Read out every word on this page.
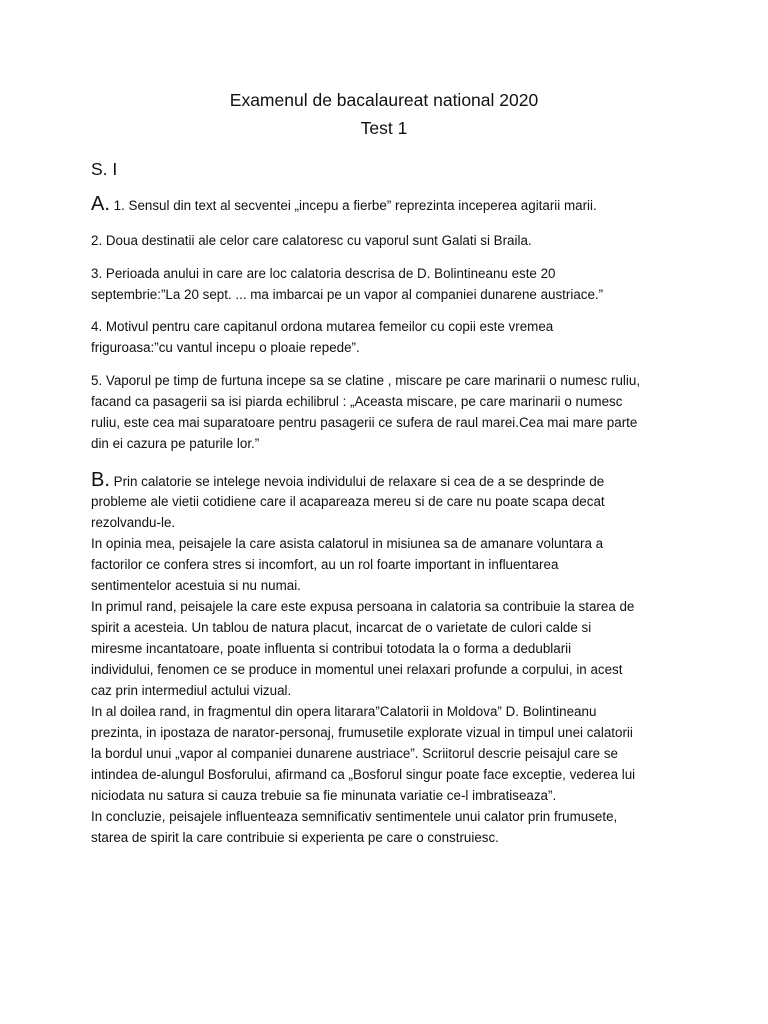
Examenul de bacalaureat national 2020
Test 1
S. I
A. 1. Sensul din text al secventei „incepu a fierbe” reprezinta inceperea agitarii marii.
2. Doua destinatii ale celor care calatoresc cu vaporul sunt Galati si Braila.
3. Perioada anului in care are loc calatoria descrisa de D. Bolintineanu este 20
septembrie:”La 20 sept. ... ma imbarcai pe un vapor al companiei dunarene austriace.”
4. Motivul pentru care capitanul ordona mutarea femeilor cu copii este vremea
friguroasa:”cu vantul incepu o ploaie repede”.
5. Vaporul pe timp de furtuna incepe sa se clatine , miscare pe care marinarii o numesc ruliu,
facand ca pasagerii sa isi piarda echilibrul : „Aceasta miscare, pe care marinarii o numesc
ruliu, este cea mai suparatoare pentru pasagerii ce sufera de raul marei.Cea mai mare parte
din ei cazura pe paturile lor.”
B. Prin calatorie se intelege nevoia individului de relaxare si cea de a se desprinde de
probleme ale vietii cotidiene care il acapareaza mereu si de care nu poate scapa decat
rezolvandu-le.
In opinia mea, peisajele la care asista calatorul in misiunea sa de amanare voluntara a
factorilor ce confera stres si incomfort, au un rol foarte important in influentarea
sentimentelor acestuia si nu numai.
In primul rand, peisajele la care este expusa persoana in calatoria sa contribuie la starea de
spirit a acesteia. Un tablou de natura placut, incarcat de o varietate de culori calde si
miresme incantatoare, poate influenta si contribui totodata la o forma a dedublarii
individului, fenomen ce se produce in momentul unei relaxari profunde a corpului, in acest
caz prin intermediul actului vizual.
In al doilea rand, in fragmentul din opera litarara”Calatorii in Moldova” D. Bolintineanu
prezinta, in ipostaza de narator-personaj, frumusetile explorate vizual in timpul unei calatorii
la bordul unui „vapor al companiei dunarene austriace”. Scriitorul descrie peisajul care se
intindea de-alungul Bosforului, afirmand ca „Bosforul singur poate face exceptie, vederea lui
niciodata nu satura si cauza trebuie sa fie minunata variatie ce-l imbratiseaza”.
In concluzie, peisajele influenteaza semnificativ sentimentele unui calator prin frumusete,
starea de spirit la care contribuie si experienta pe care o construiesc.
